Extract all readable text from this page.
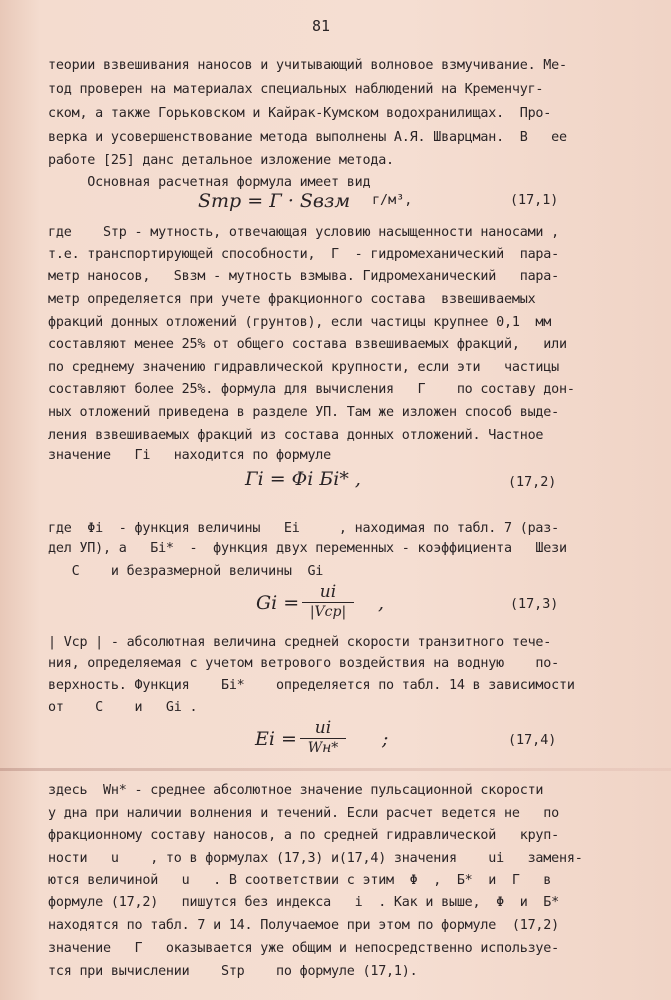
81
теории взвешивания наносов и учитывающий волновое взмучивание. Ме-
тод проверен на материалах специальных наблюдений на Кременчуг-
ском, а также Горьковском и Кайрак-Кумском водохранилищах.  Про-
верка и усовершенствование метода выполнены А.Я. Шварцман.  В   ее
работе [25] данс детальное изложение метода.
Основная расчетная формула имеет вид
Sтр = Г · Sвзм г/м³,	(17,1)
где    Sтр - мутность, отвечающая условию насыщенности наносами ,
т.е. транспортирующей способности,  Г  - гидромеханический  пара-
метр наносов,   Sвзм - мутность взмыва. Гидромеханический   пара-
метр определяется при учете фракционного состава  взвешиваемых
фракций донных отложений (грунтов), если частицы крупнее 0,1  мм
составляют менее 25% от общего состава взвешиваемых фракций,   или
по среднему значению гидравлической крупности, если эти   частицы
составляют более 25%. формула для вычисления   Г    по составу дон-
ных отложений приведена в разделе УП. Там же изложен способ выде-
ления взвешиваемых фракций из состава донных отложений. Частное
значение   Гi   находится по формуле
Гi = Φi Бi* ,	(17,2)
где  Φi  - функция величины   Ei     , находимая по табл. 7 (раз-
дел УП), а   Бi*  -  функция двух переменных - коэффициента   Шези
C    и безразмерной величины  Gi
Gi =	ui
|Vср|	,	(17,3)
| Vср | - абсолютная величина средней скорости транзитного тече-
ния, определяемая с учетом ветрового воздействия на водную    по-
верхность. Функция    Бi*    определяется по табл. 14 в зависимости
от    C    и   Gi .
Ei =	ui
Wн*	;	(17,4)
здесь  Wн* - среднее абсолютное значение пульсационной скорости
у дна при наличии волнения и течений. Если расчет ведется не   по
фракционному составу наносов, а по средней гидравлической   круп-
ности   u    , то в формулах (17,3) и(17,4) значения    ui   заменя-
ются величиной   u   . В соответствии с этим  Φ  ,  Б*  и  Г   в
формуле (17,2)   пишутся без индекса   i  . Как и выше,  Φ  и  Б*
находятся по табл. 7 и 14. Получаемое при этом по формуле  (17,2)
значение   Г   оказывается уже общим и непосредственно используе-
тся при вычислении    Sтр    по формуле (17,1).
